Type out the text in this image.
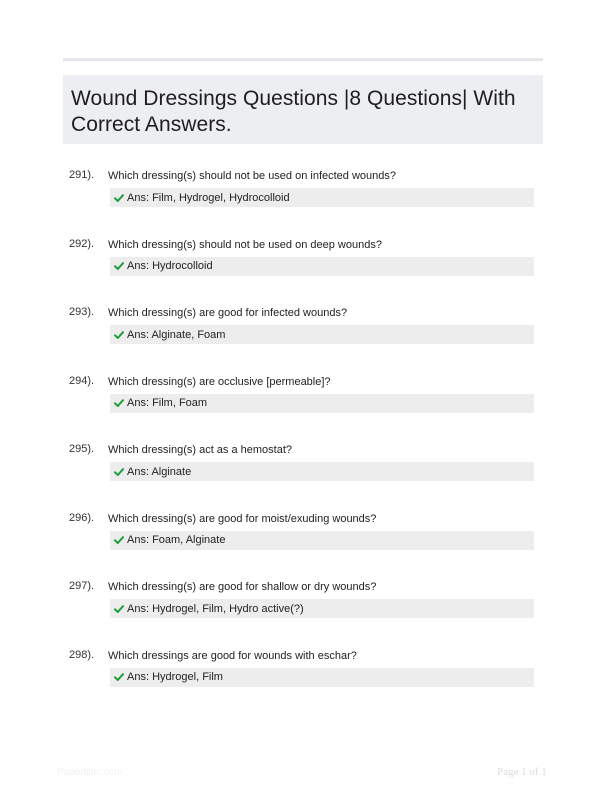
Wound Dressings Questions |8 Questions| With Correct Answers.
291). Which dressing(s) should not be used on infected wounds?
Ans: Film, Hydrogel, Hydrocolloid
292). Which dressing(s) should not be used on deep wounds?
Ans: Hydrocolloid
293). Which dressing(s) are good for infected wounds?
Ans: Alginate, Foam
294). Which dressing(s) are occlusive [permeable]?
Ans: Film, Foam
295). Which dressing(s) act as a hemostat?
Ans: Alginate
296). Which dressing(s) are good for moist/exuding wounds?
Ans: Foam, Alginate
297). Which dressing(s) are good for shallow or dry wounds?
Ans: Hydrogel, Film, Hydro active(?)
298). Which dressings are good for wounds with eschar?
Ans: Hydrogel, Film
Paperlibic.com	Page 1 of 1
